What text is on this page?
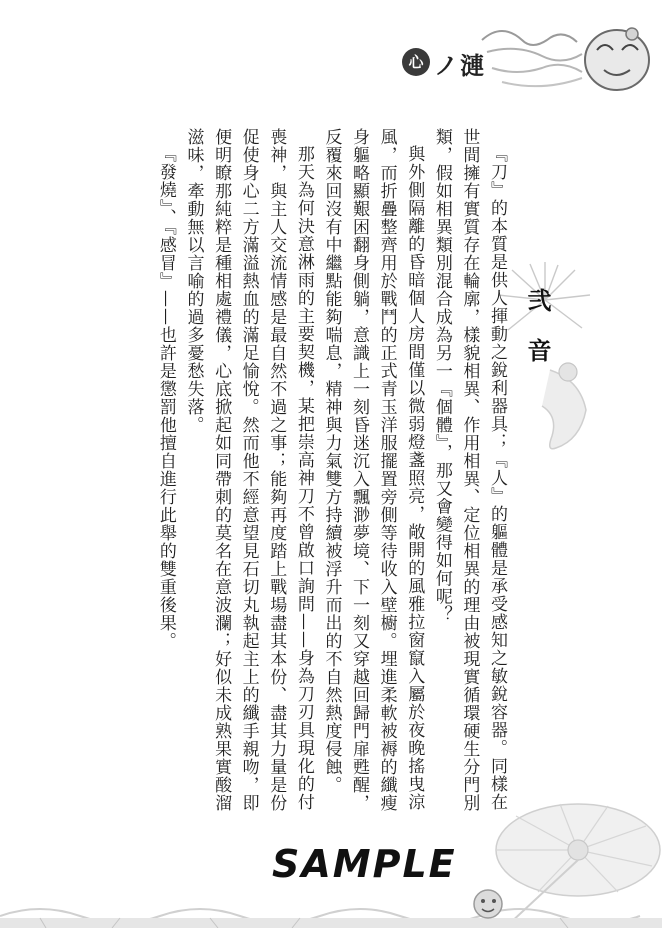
心 ノ漣
弐音

『刀』的本質是供人揮動之銳利器具；『人』的軀體是承受感知之敏銳容器。同樣在世間擁有實質存在輪廓，樣貌相異、作用相異、定位相異的理由被現實循環硬生分門別類，假如相異類別混合成為另一『個體』，那又會變得如何呢？

與外側隔離的昏暗個人房間僅以微弱燈盞照亮，敞開的風雅拉窗竄入屬於夜晚搖曳涼風，而折疊整齊用於戰鬥的正式青玉洋服擺置旁側等待收入壁櫥。埋進柔軟被褥的纖瘦身軀略顯艱困翻身側躺，意識上一刻昏迷沉入飄渺夢境、下一刻又穿越回歸門扉甦醒，反覆來回沒有中繼點能夠喘息，精神與力氣雙方持續被浮升而出的不自然熱度侵蝕。

那天為何決意淋雨的主要契機，某把崇高神刀不曾啟口詢問——身為刀刃具現化的付喪神，與主人交流情感是最自然不過之事；能夠再度踏上戰場盡其本份、盡其力量是份促使身心二方滿溢熱血的滿足愉悅。然而他不經意望見石切丸執起主上的纖手親吻，即便明瞭那純粹是種相處禮儀，心底掀起如同帶刺的莫名在意波瀾；好似未成熟果實酸溜滋味，牽動無以言喻的過多憂愁失落。

『發燒』、『感冒』——也許是懲罰他擅自進行此舉的雙重後果。

SAMPLE
